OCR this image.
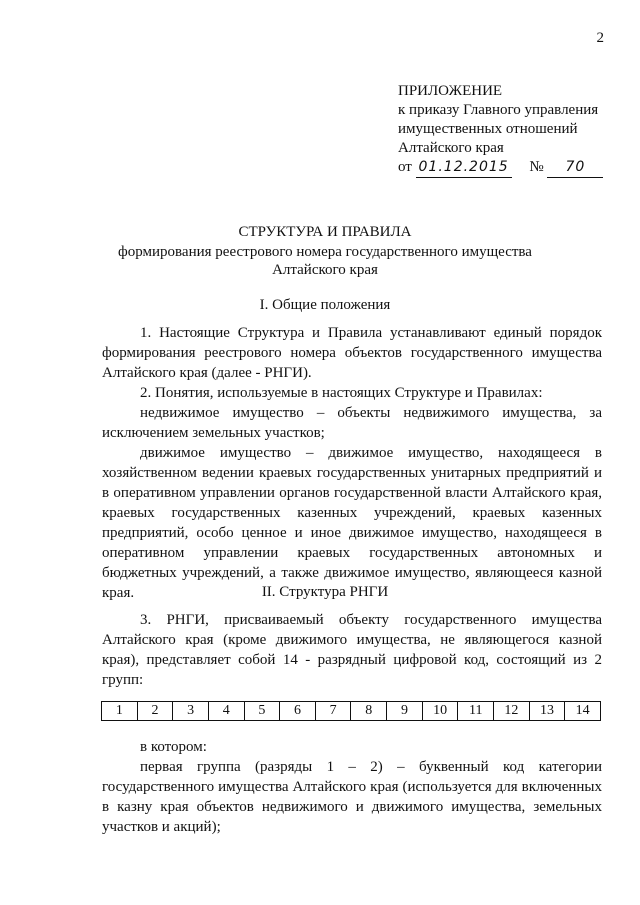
2
ПРИЛОЖЕНИЕ
к приказу Главного управления
имущественных отношений
Алтайского края
от 01.12.2015 № 70
СТРУКТУРА И ПРАВИЛА
формирования реестрового номера государственного имущества
Алтайского края
I. Общие положения

1. Настоящие Структура и Правила устанавливают единый порядок формирования реестрового номера объектов государственного имущества Алтайского края (далее - РНГИ).

2. Понятия, используемые в настоящих Структуре и Правилах:

недвижимое имущество – объекты недвижимого имущества, за исключением земельных участков;

движимое имущество – движимое имущество, находящееся в хозяйственном ведении краевых государственных унитарных предприятий и в оперативном управлении органов государственной власти Алтайского края, краевых государственных казенных учреждений, краевых казенных предприятий, особо ценное и иное движимое имущество, находящееся в оперативном управлении краевых государственных автономных и бюджетных учреждений, а также движимое имущество, являющееся казной края.	II. Структура РНГИ

3. РНГИ, присваиваемый объекту государственного имущества Алтайского края (кроме движимого имущества, не являющегося казной края), представляет собой 14 - разрядный цифровой код, состоящий из 2 групп:

1	2	3	4	5	6	7	8	9	10	11	12	13	14

в котором:

первая группа (разряды 1 – 2) – буквенный код категории государственного имущества Алтайского края (используется для включенных в казну края объектов недвижимого и движимого имущества, земельных участков и акций);
